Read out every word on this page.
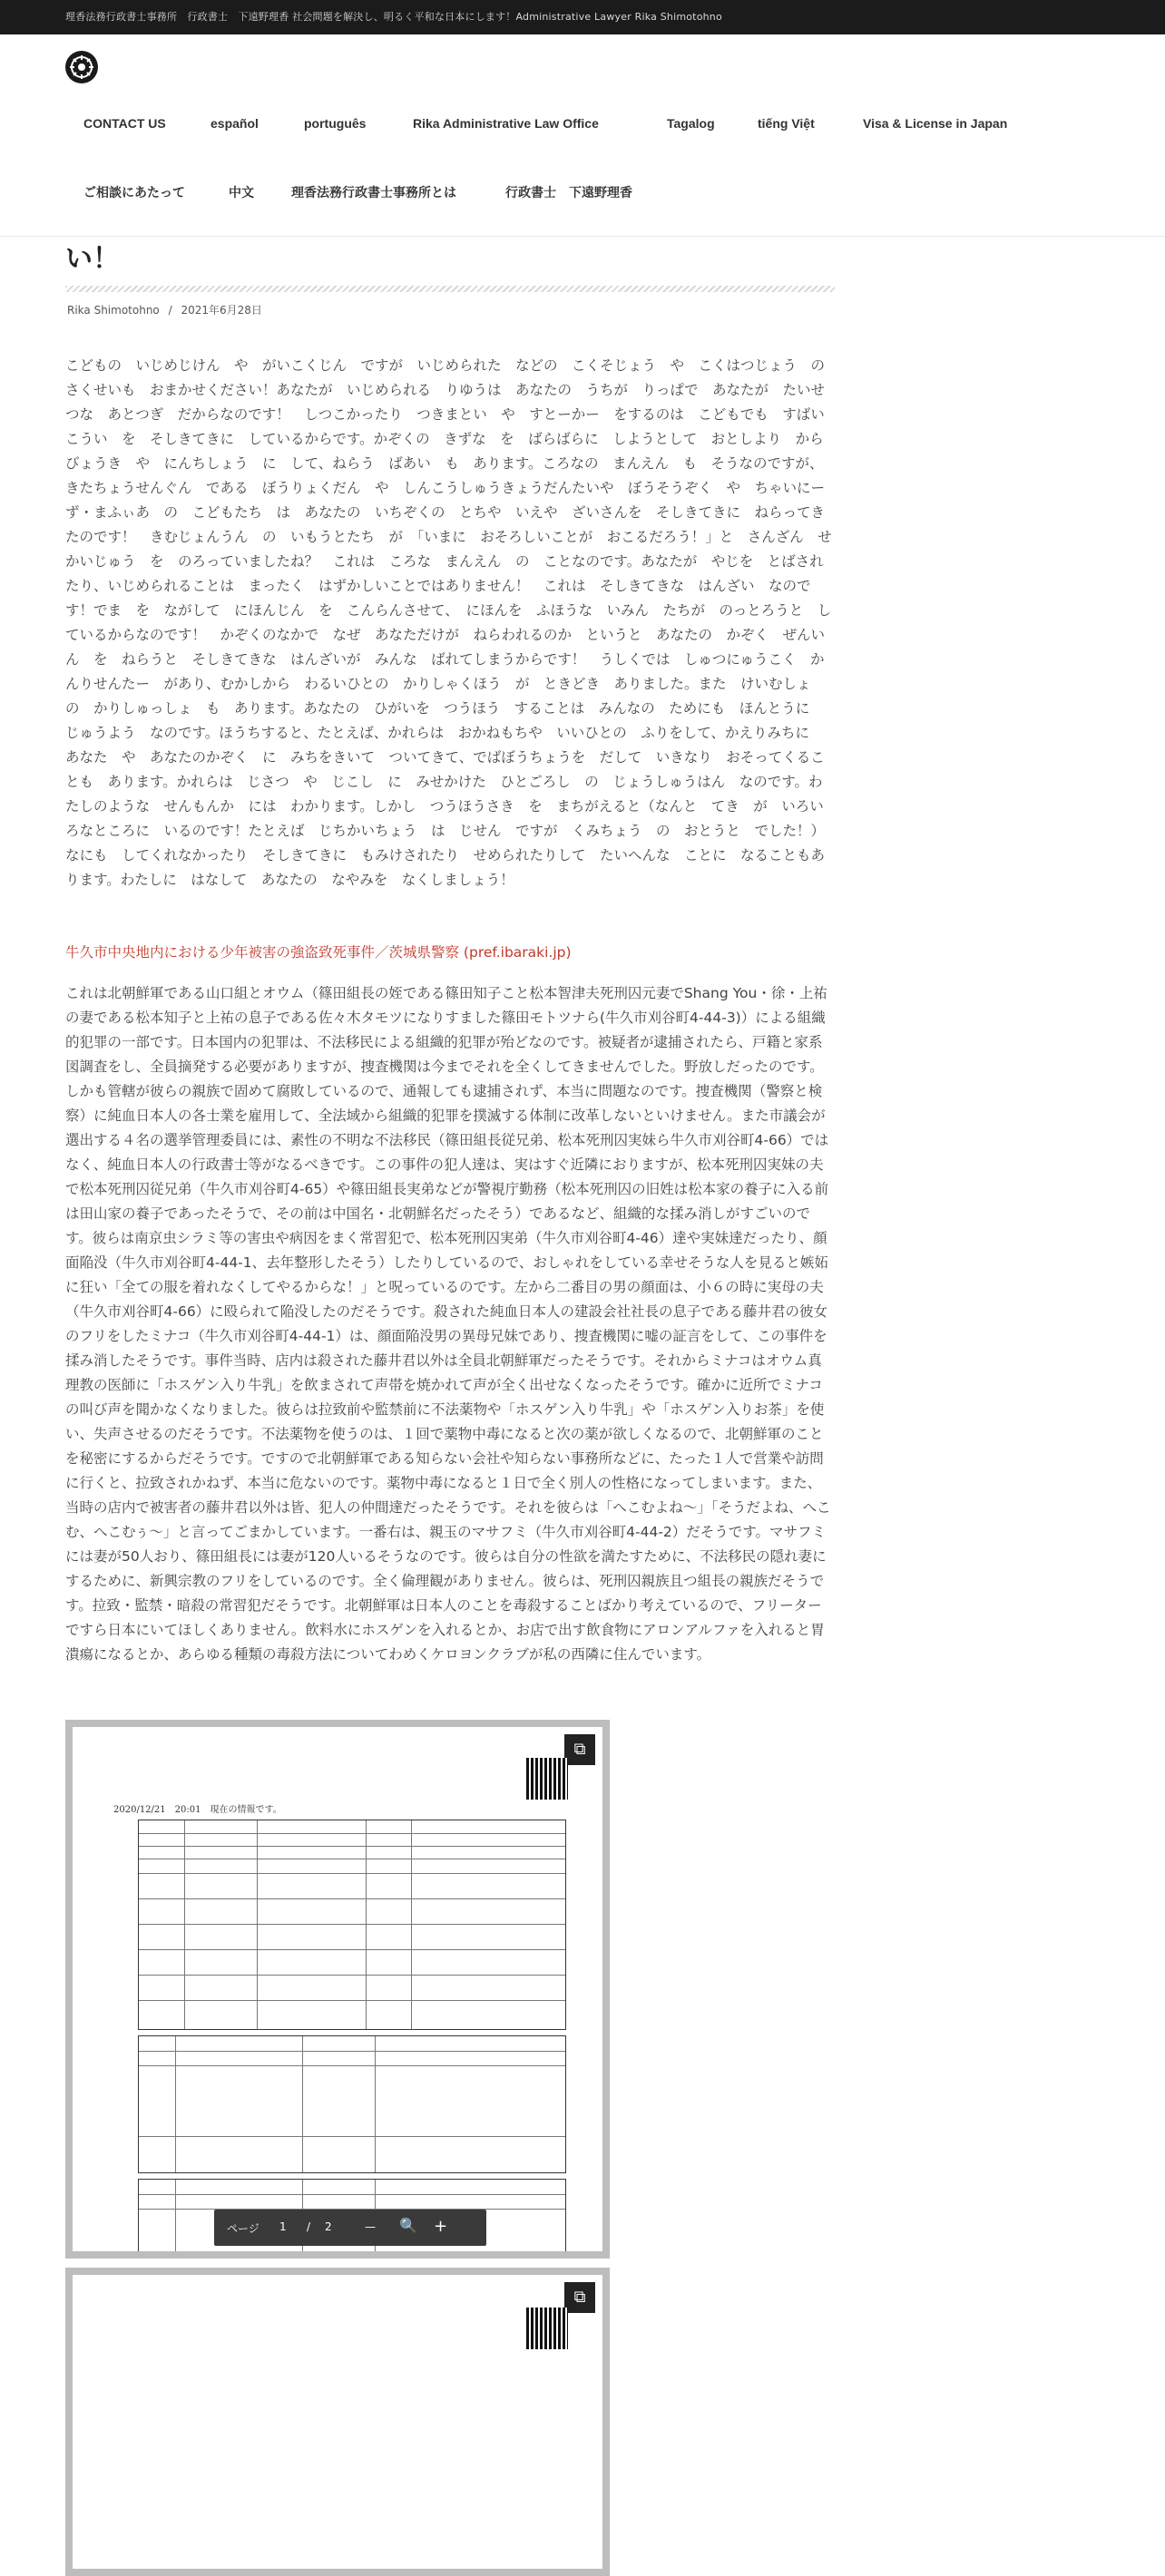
理香法務行政書士事務所　行政書士　下遠野理香 社会問題を解決し、明るく平和な日本にします！Administrative Lawyer Rika Shimotohno
CONTACT US	español	português	Rika Administrative Law Office	Tagalog	tiếng Việt	Visa & License in Japan
ご相談にあたって	中文	理香法務行政書士事務所とは	行政書士　下遠野理香
い！
Rika Shimotohno / 2021年6月28日
こどもの　いじめじけん　や　がいこくじん　ですが　いじめられた　などの　こくそじょう　や　こくはつじょう　の　さくせいも　おまかせください！あなたが　いじめられる　りゆうは　あなたの　うちが　りっぱで　あなたが　たいせつな　あとつぎ　だからなのです！　しつこかったり　つきまとい　や　すとーかー　をするのは　こどもでも　すばいこうい　を　そしきてきに　しているからです。かぞくの　きずな　を　ばらばらに　しようとして　おとしより　から　びょうき　や　にんちしょう　に　して、ねらう　ばあい　も　あります。ころなの　まんえん　も　そうなのですが、きたちょうせんぐん　である　ぼうりょくだん　や　しんこうしゅうきょうだんたいや　ぼうそうぞく　や　ちゃいにーず・まふぃあ　の　こどもたち　は　あなたの　いちぞくの　とちや　いえや　ざいさんを　そしきてきに　ねらってきたのです！　きむじょんうん　の　いもうとたち　が　「いまに　おそろしいことが　おこるだろう！」と　さんざん　せかいじゅう　を　のろっていましたね？　これは　ころな　まんえん　の　ことなのです。あなたが　やじを　とばされたり、いじめられることは　まったく　はずかしいことではありません！　これは　そしきてきな　はんざい　なのです！でま　を　ながして　にほんじん　を　こんらんさせて、　にほんを　ふほうな　いみん　たちが　のっとろうと　しているからなのです！　かぞくのなかで　なぜ　あなただけが　ねらわれるのか　というと　あなたの　かぞく　ぜんいん　を　ねらうと　そしきてきな　はんざいが　みんな　ばれてしまうからです！　うしくでは　しゅつにゅうこく　かんりせんたー　があり、むかしから　わるいひとの　かりしゃくほう　が　ときどき　ありました。また　けいむしょ　の　かりしゅっしょ　も　あります。あなたの　ひがいを　つうほう　することは　みんなの　ためにも　ほんとうに　じゅうよう　なのです。ほうちすると、たとえば、かれらは　おかねもちや　いいひとの　ふりをして、かえりみちに　あなた　や　あなたのかぞく　に　みちをきいて　ついてきて、でばぼうちょうを　だして　いきなり　おそってくることも　あります。かれらは　じさつ　や　じこし　に　みせかけた　ひとごろし　の　じょうしゅうはん　なのです。わたしのような　せんもんか　には　わかります。しかし　つうほうさき　を　まちがえると（なんと　てき　が　いろいろなところに　いるのです！たとえば　じちかいちょう　は　じせん　ですが　くみちょう　の　おとうと　でした！）なにも　してくれなかったり　そしきてきに　もみけされたり　せめられたりして　たいへんな　ことに　なることもあります。わたしに　はなして　あなたの　なやみを　なくしましょう！
牛久市中央地内における少年被害の強盗致死事件／茨城県警察 (pref.ibaraki.jp)
これは北朝鮮軍である山口組とオウム（篠田組長の姪である篠田知子こと松本智津夫死刑囚元妻でShang You・徐・上祐の妻である松本知子と上祐の息子である佐々木タモツになりすました篠田モトツナら(牛久市刈谷町4-44-3)）による組織的犯罪の一部です。日本国内の犯罪は、不法移民による組織的犯罪が殆どなのです。被疑者が逮捕されたら、戸籍と家系図調査をし、全員摘発する必要がありますが、捜査機関は今までそれを全くしてきませんでした。野放しだったのです。しかも管轄が彼らの親族で固めて腐敗しているので、通報しても逮捕されず、本当に問題なのです。捜査機関（警察と検察）に純血日本人の各士業を雇用して、全法域から組織的犯罪を撲滅する体制に改革しないといけません。また市議会が選出する４名の選挙管理委員には、素性の不明な不法移民（篠田組長従兄弟、松本死刑囚実妹ら牛久市刈谷町4-66）ではなく、純血日本人の行政書士等がなるべきです。この事件の犯人達は、実はすぐ近隣におりますが、松本死刑囚実妹の夫で松本死刑囚従兄弟（牛久市刈谷町4-65）や篠田組長実弟などが警視庁勤務（松本死刑囚の旧姓は松本家の養子に入る前は田山家の養子であったそうで、その前は中国名・北朝鮮名だったそう）であるなど、組織的な揉み消しがすごいのです。彼らは南京虫シラミ等の害虫や病因をまく常習犯で、松本死刑囚実弟（牛久市刈谷町4-46）達や実妹達だったり、顔面陥没（牛久市刈谷町4-44-1、去年整形したそう）したりしているので、おしゃれをしている幸せそうな人を見ると嫉妬に狂い「全ての服を着れなくしてやるからな！」と呪っているのです。左から二番目の男の顔面は、小６の時に実母の夫（牛久市刈谷町4-66）に殴られて陥没したのだそうです。殺された純血日本人の建設会社社長の息子である藤井君の彼女のフリをしたミナコ（牛久市刈谷町4-44-1）は、顔面陥没男の異母兄妹であり、捜査機関に嘘の証言をして、この事件を揉み消したそうです。事件当時、店内は殺された藤井君以外は全員北朝鮮軍だったそうです。それからミナコはオウム真理教の医師に「ホスゲン入り牛乳」を飲まされて声帯を焼かれて声が全く出せなくなったそうです。確かに近所でミナコの叫び声を聞かなくなりました。彼らは拉致前や監禁前に不法薬物や「ホスゲン入り牛乳」や「ホスゲン入りお茶」を使い、失声させるのだそうです。不法薬物を使うのは、１回で薬物中毒になると次の薬が欲しくなるので、北朝鮮軍のことを秘密にするからだそうです。ですので北朝鮮軍である知らない会社や知らない事務所などに、たった１人で営業や訪問に行くと、拉致されかねず、本当に危ないのです。薬物中毒になると１日で全く別人の性格になってしまいます。また、当時の店内で被害者の藤井君以外は皆、犯人の仲間達だったそうです。それを彼らは「へこむよね～」「そうだよね、へこむ、へこむぅ～」と言ってごまかしています。一番右は、親玉のマサフミ（牛久市刈谷町4-44-2）だそうです。マサフミには妻が50人おり、篠田組長には妻が120人いるそうなのです。彼らは自分の性欲を満たすために、不法移民の隠れ妻にするために、新興宗教のフリをしているのです。全く倫理観がありません。彼らは、死刑囚親族且つ組長の親族だそうです。拉致・監禁・暗殺の常習犯だそうです。北朝鮮軍は日本人のことを毒殺することばかり考えているので、フリーターですら日本にいてほしくありません。飲料水にホスゲンを入れるとか、お店で出す飲食物にアロンアルファを入れると胃潰瘍になるとか、あらゆる種類の毒殺方法についてわめくケロヨンクラブが私の西隣に住んでいます。
⧉
2020/12/21　20:01　現在の情報です。
ページ 1 / 2	— 🔍 +
⧉
